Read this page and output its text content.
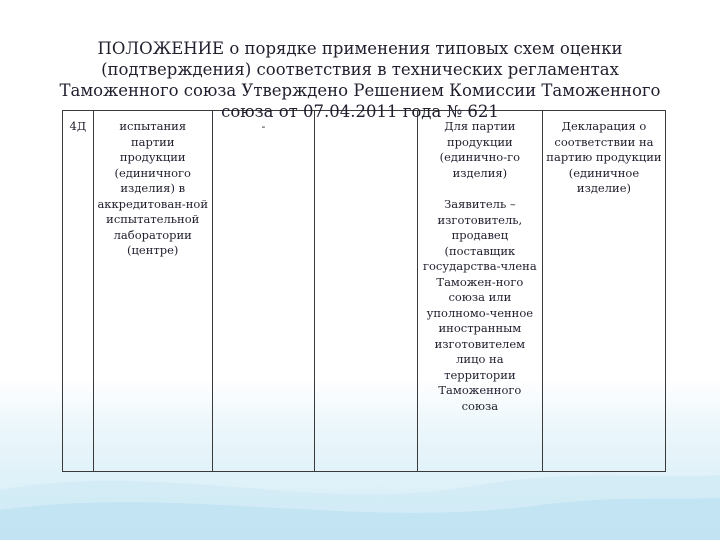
ПОЛОЖЕНИЕ о порядке применения типовых схем оценки (подтверждения) соответствия в технических регламентах Таможенного союза Утверждено Решением Комиссии Таможенного союза от 07.04.2011 года № 621
4Д	испытания партии продукции (единичного изделия) в аккредитован-ной испытательной лаборатории (центре)	-		Для партии продукции (единично-го изделия)
Заявитель – изготовитель, продавец (поставщик государства-члена Таможен-ного союза или уполномо-ченное иностранным изготовителем лицо на территории Таможенного союза
	Декларация о соответствии на партию продукции (единичное изделие)
